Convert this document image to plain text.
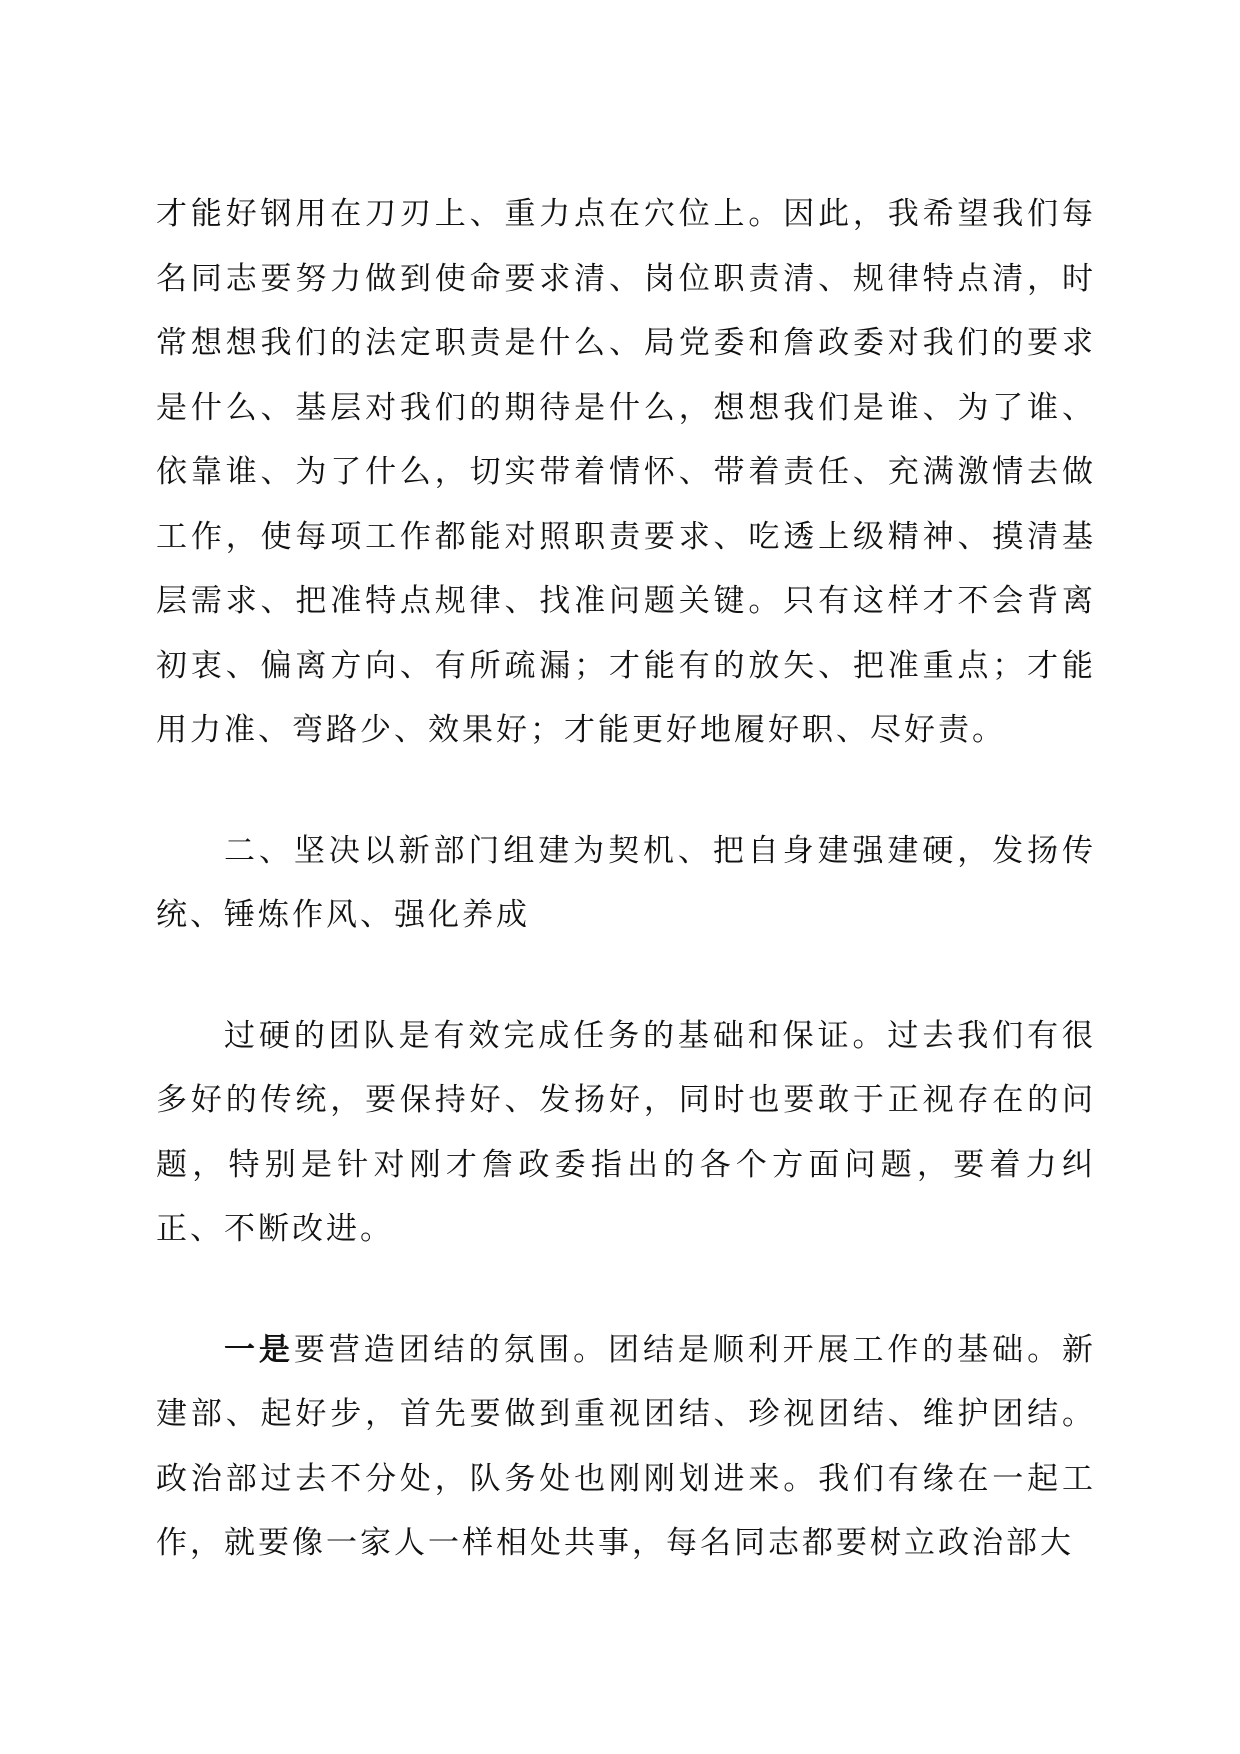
才能好钢用在刀刃上、重力点在穴位上。因此，我希望我们每名同志要努力做到使命要求清、岗位职责清、规律特点清，时常想想我们的法定职责是什么、局党委和詹政委对我们的要求是什么、基层对我们的期待是什么，想想我们是谁、为了谁、依靠谁、为了什么，切实带着情怀、带着责任、充满激情去做工作，使每项工作都能对照职责要求、吃透上级精神、摸清基层需求、把准特点规律、找准问题关键。只有这样才不会背离初衷、偏离方向、有所疏漏；才能有的放矢、把准重点；才能用力准、弯路少、效果好；才能更好地履好职、尽好责。

二、坚决以新部门组建为契机、把自身建强建硬，发扬传统、锤炼作风、强化养成

过硬的团队是有效完成任务的基础和保证。过去我们有很多好的传统，要保持好、发扬好，同时也要敢于正视存在的问题，特别是针对刚才詹政委指出的各个方面问题，要着力纠正、不断改进。

一是要营造团结的氛围。团结是顺利开展工作的基础。新建部、起好步，首先要做到重视团结、珍视团结、维护团结。政治部过去不分处，队务处也刚刚划进来。我们有缘在一起工作，就要像一家人一样相处共事，每名同志都要树立政治部大
